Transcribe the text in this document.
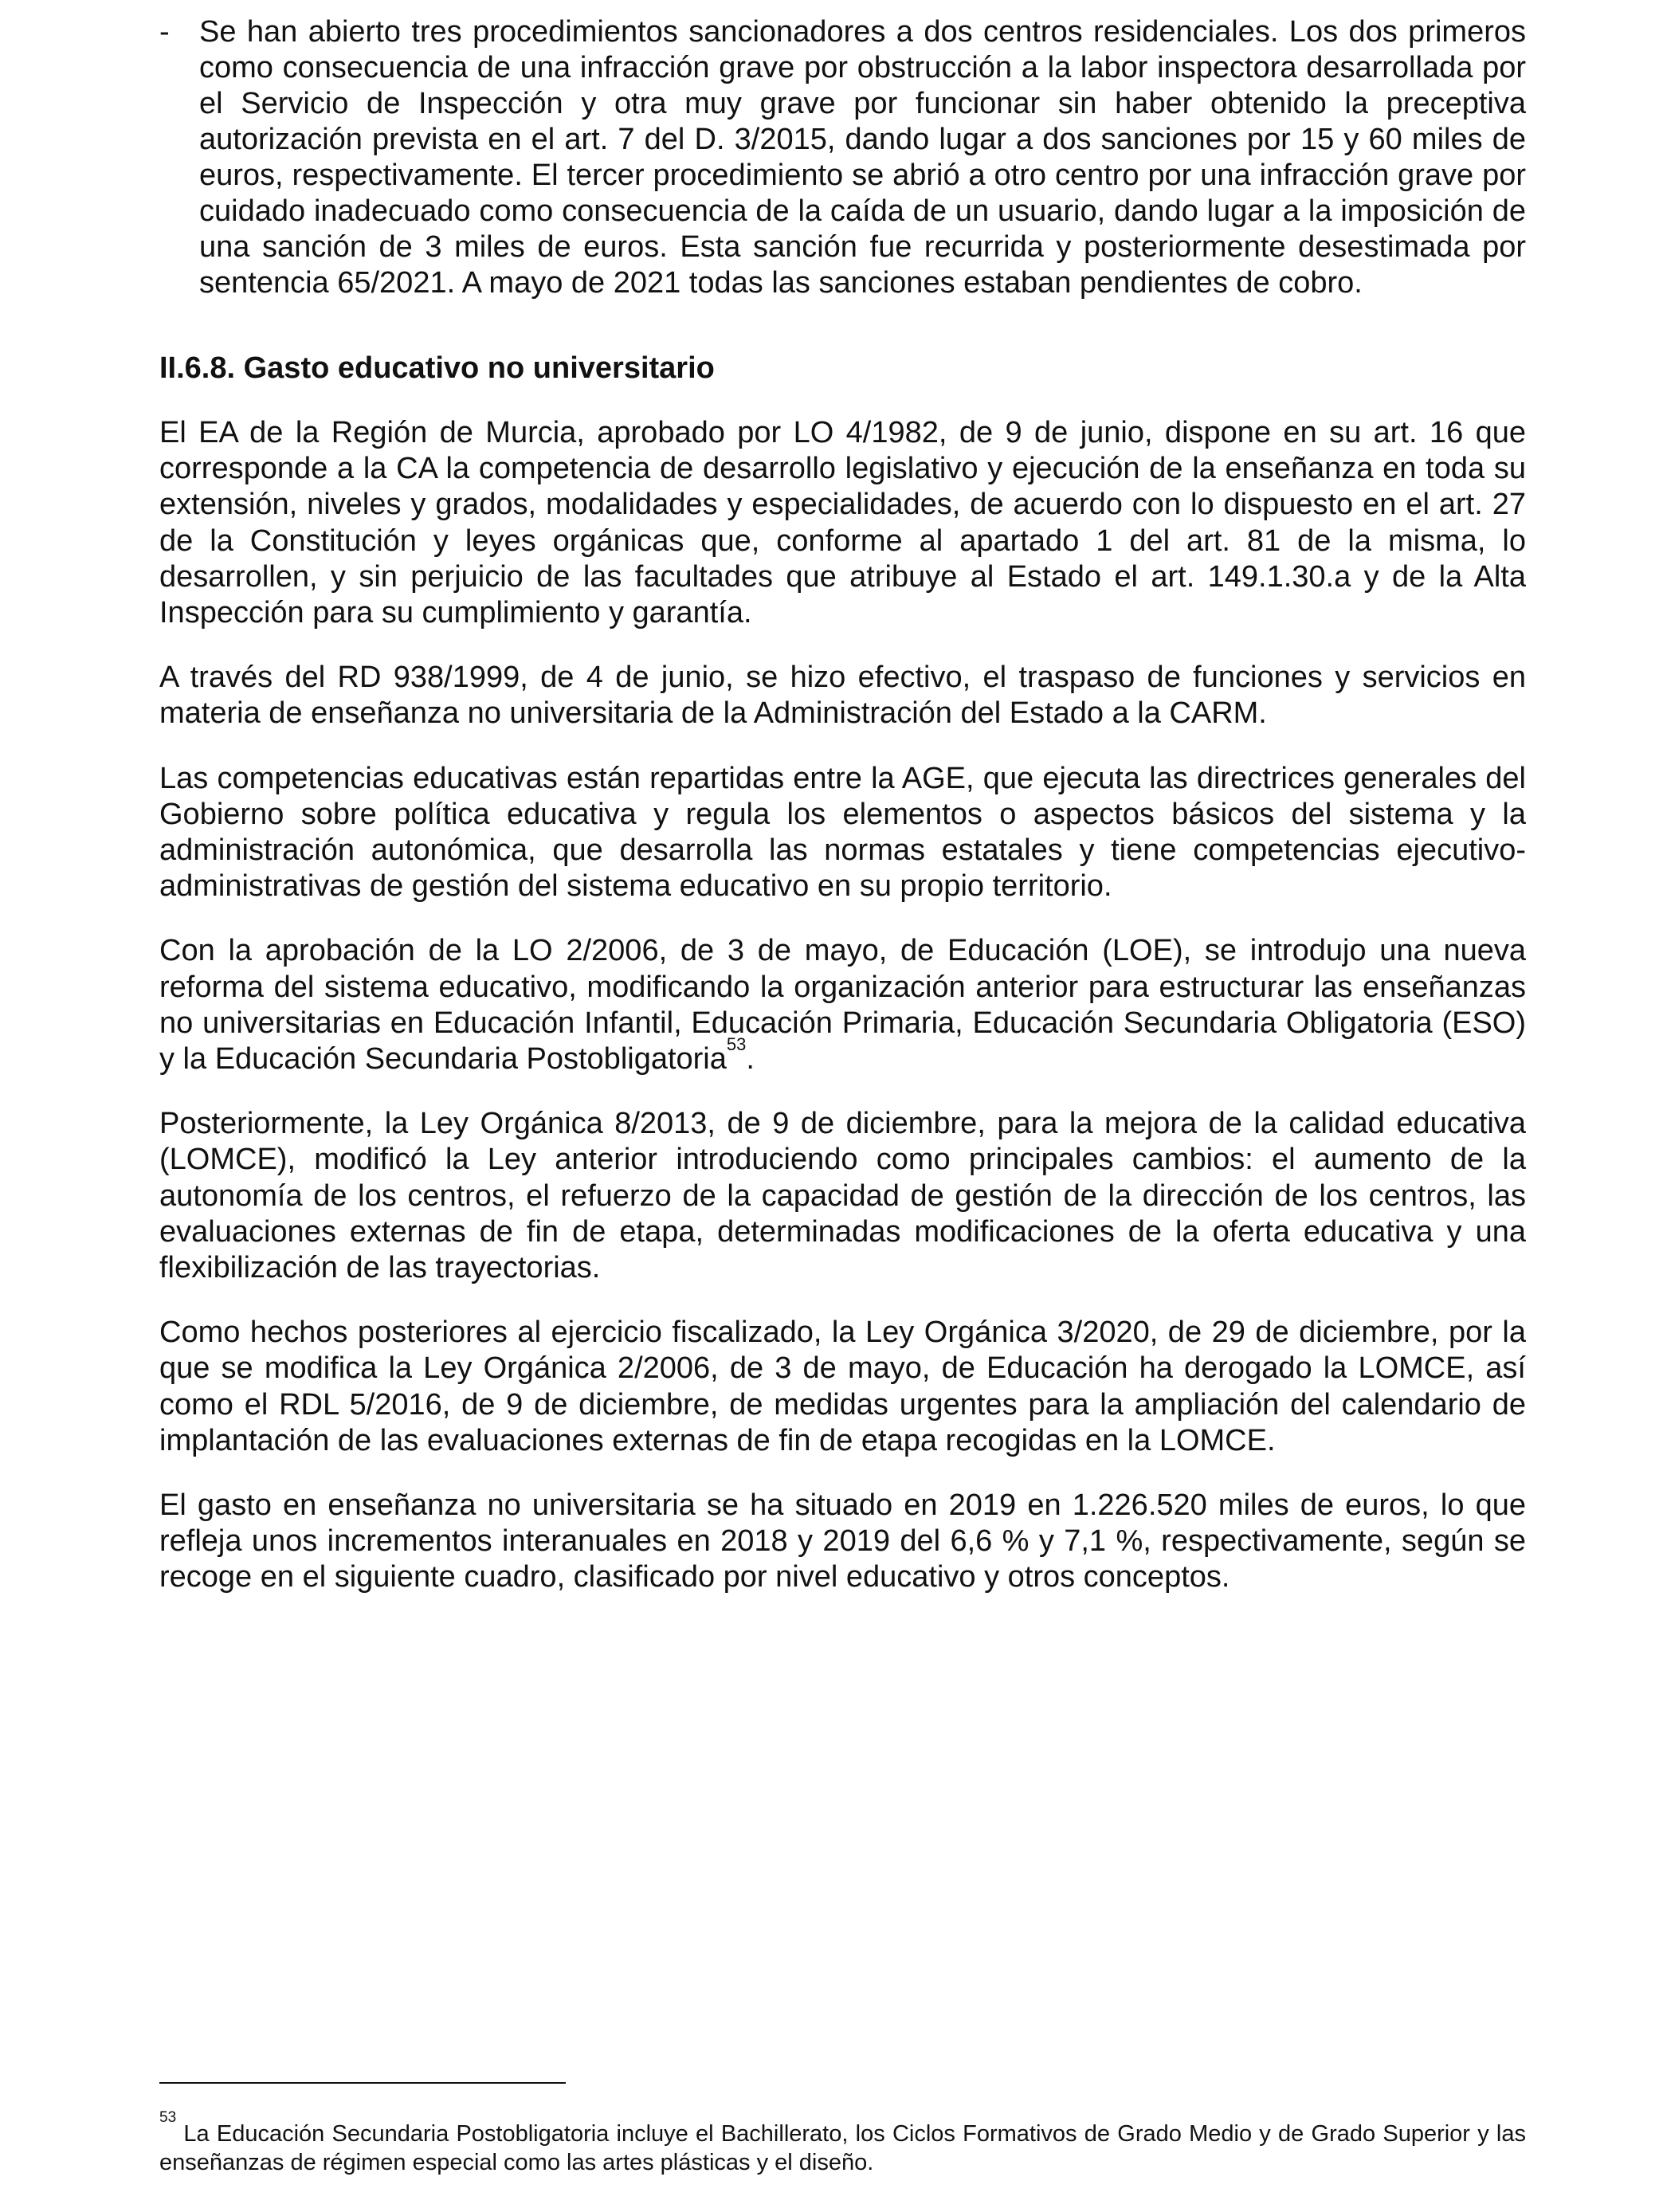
- Se han abierto tres procedimientos sancionadores a dos centros residenciales. Los dos primeros como consecuencia de una infracción grave por obstrucción a la labor inspectora desarrollada por el Servicio de Inspección y otra muy grave por funcionar sin haber obtenido la preceptiva autorización prevista en el art. 7 del D. 3/2015, dando lugar a dos sanciones por 15 y 60 miles de euros, respectivamente. El tercer procedimiento se abrió a otro centro por una infracción grave por cuidado inadecuado como consecuencia de la caída de un usuario, dando lugar a la imposición de una sanción de 3 miles de euros. Esta sanción fue recurrida y posteriormente desestimada por sentencia 65/2021. A mayo de 2021 todas las sanciones estaban pendientes de cobro.

II.6.8. Gasto educativo no universitario

El EA de la Región de Murcia, aprobado por LO 4/1982, de 9 de junio, dispone en su art. 16 que corresponde a la CA la competencia de desarrollo legislativo y ejecución de la enseñanza en toda su extensión, niveles y grados, modalidades y especialidades, de acuerdo con lo dispuesto en el art. 27 de la Constitución y leyes orgánicas que, conforme al apartado 1 del art. 81 de la misma, lo desarrollen, y sin perjuicio de las facultades que atribuye al Estado el art. 149.1.30.a y de la Alta Inspección para su cumplimiento y garantía.

A través del RD 938/1999, de 4 de junio, se hizo efectivo, el traspaso de funciones y servicios en materia de enseñanza no universitaria de la Administración del Estado a la CARM.

Las competencias educativas están repartidas entre la AGE, que ejecuta las directrices generales del Gobierno sobre política educativa y regula los elementos o aspectos básicos del sistema y la administración autonómica, que desarrolla las normas estatales y tiene competencias ejecutivo-administrativas de gestión del sistema educativo en su propio territorio.

Con la aprobación de la LO 2/2006, de 3 de mayo, de Educación (LOE), se introdujo una nueva reforma del sistema educativo, modificando la organización anterior para estructurar las enseñanzas no universitarias en Educación Infantil, Educación Primaria, Educación Secundaria Obligatoria (ESO) y la Educación Secundaria Postobligatoria$^{53}$.

Posteriormente, la Ley Orgánica 8/2013, de 9 de diciembre, para la mejora de la calidad educativa (LOMCE), modificó la Ley anterior introduciendo como principales cambios: el aumento de la autonomía de los centros, el refuerzo de la capacidad de gestión de la dirección de los centros, las evaluaciones externas de fin de etapa, determinadas modificaciones de la oferta educativa y una flexibilización de las trayectorias.

Como hechos posteriores al ejercicio fiscalizado, la Ley Orgánica 3/2020, de 29 de diciembre, por la que se modifica la Ley Orgánica 2/2006, de 3 de mayo, de Educación ha derogado la LOMCE, así como el RDL 5/2016, de 9 de diciembre, de medidas urgentes para la ampliación del calendario de implantación de las evaluaciones externas de fin de etapa recogidas en la LOMCE.

El gasto en enseñanza no universitaria se ha situado en 2019 en 1.226.520 miles de euros, lo que refleja unos incrementos interanuales en 2018 y 2019 del 6,6 % y 7,1 %, respectivamente, según se recoge en el siguiente cuadro, clasificado por nivel educativo y otros conceptos.

$^{53}$ La Educación Secundaria Postobligatoria incluye el Bachillerato, los Ciclos Formativos de Grado Medio y de Grado Superior y las enseñanzas de régimen especial como las artes plásticas y el diseño.
